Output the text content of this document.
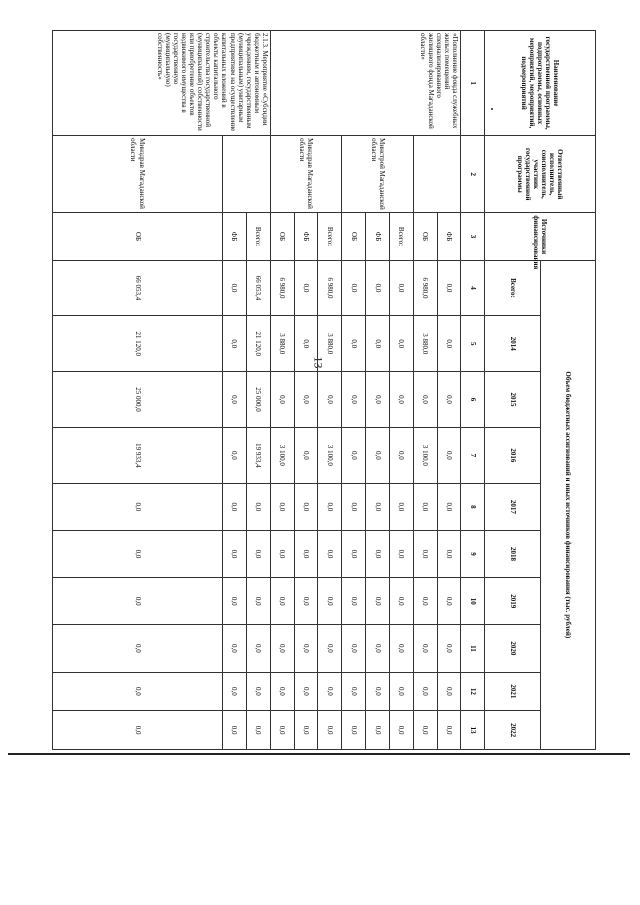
13
Наименование государственной программы, подпрограммы, основных мероприятий, мероприятий, подмероприятий	Ответственный исполнитель, соисполнитель, участник государственной программы	Источники финансирования	Объем бюджетных ассигнований и иных источников финансирования (тыс. рублей)									
			Всего:	2014	2015	2016	2017	2018	2019	2020	2021	2022
1	2	3	4	5	6	7	8	9	10	11	12	13
«Пополнение фонда служебных жилых помещений специализированного жилищного фонда Магаданской области»		ФБ	0,0	0,0	0,0	0,0	0,0	0,0	0,0	0,0	0,0	0,0
		ОБ	6 980,0	3 880,0	0,0	3 100,0	0,0	0,0	0,0	0,0	0,0	0,0
	Минстрой Магаданской области	Всего:	0,0	0,0	0,0	0,0	0,0	0,0	0,0	0,0	0,0	0,0
		ФБ	0,0	0,0	0,0	0,0	0,0	0,0	0,0	0,0	0,0	0,0
		ОБ	0,0	0,0	0,0	0,0	0,0	0,0	0,0	0,0	0,0	0,0
	Минздрав Магаданской области	Всего:	6 980,0	3 880,0	0,0	3 100,0	0,0	0,0	0,0	0,0	0,0	0,0
		ФБ	0,0	0,0	0,0	0,0	0,0	0,0	0,0	0,0	0,0	0,0
		ОБ	6 980,0	3 880,0	0,0	3 100,0	0,0	0,0	0,0	0,0	0,0	0,0
2.1.3. Мероприятие «Субсидии бюджетным и автономным учреждениям, государственным (муниципальным) унитарным предприятиям на осуществление капитальных вложений в объекты капитального строительства государственной (муниципальной) собственности или приобретение объектов недвижимого имущества в государственную (муниципальную) собственность»		Всего:	66 053,4	21 120,0	25 000,0	19 933,4	0,0	0,0	0,0	0,0	0,0	0,0
		ФБ	0,0	0,0	0,0	0,0	0,0	0,0	0,0	0,0	0,0	0,0
	Минздрав Магаданской области	ОБ	66 053,4	21 120,0	25 000,0	19 933,4	0,0	0,0	0,0	0,0	0,0	0,0
